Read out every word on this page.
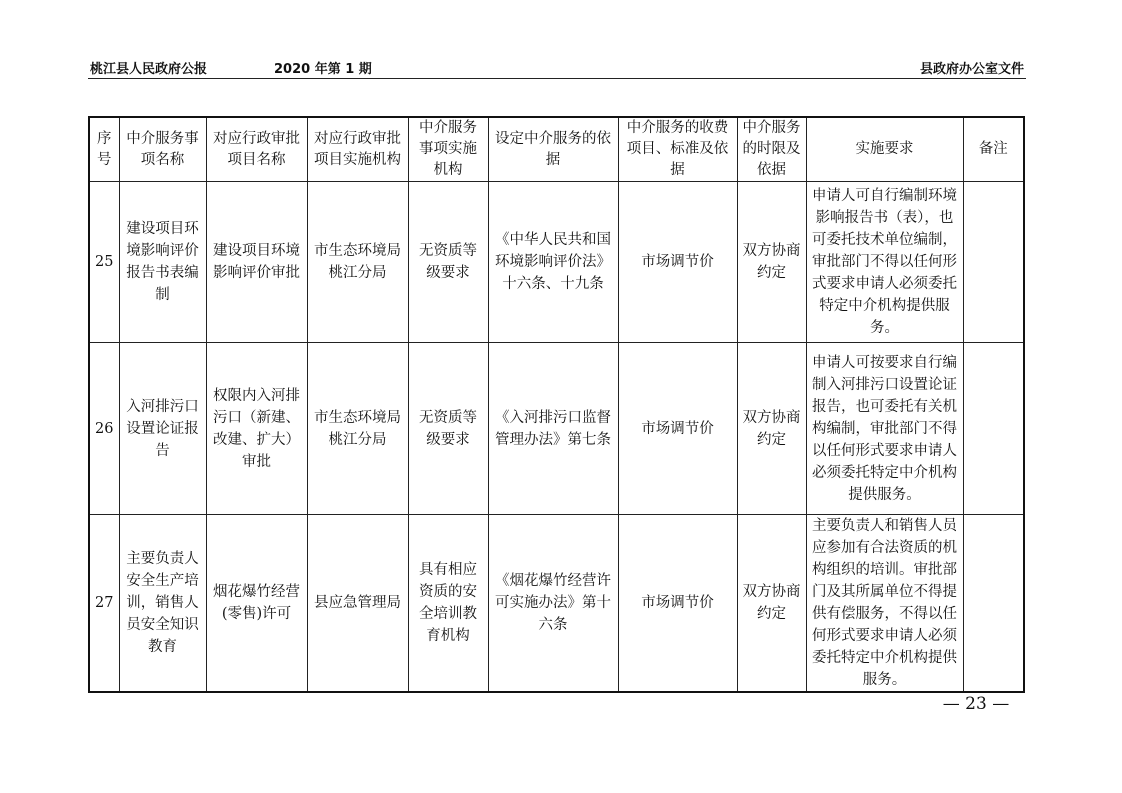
桃江县人民政府公报	2020 年第 1 期	县政府办公室文件
序号	中介服务事项名称	对应行政审批项目名称	对应行政审批项目实施机构	中介服务事项实施机构	设定中介服务的依据	中介服务的收费项目、标准及依据	中介服务的时限及依据	实施要求	备注
25	建设项目环境影响评价报告书表编制	建设项目环境影响评价审批	市生态环境局桃江分局	无资质等级要求	《中华人民共和国环境影响评价法》十六条、十九条	市场调节价	双方协商约定	申请人可自行编制环境影响报告书（表），也可委托技术单位编制，审批部门不得以任何形式要求申请人必须委托特定中介机构提供服务。	
26	入河排污口设置论证报告	权限内入河排污口（新建、改建、扩大）审批	市生态环境局桃江分局	无资质等级要求	《入河排污口监督管理办法》第七条	市场调节价	双方协商约定	申请人可按要求自行编制入河排污口设置论证报告，也可委托有关机构编制，审批部门不得以任何形式要求申请人必须委托特定中介机构提供服务。	
27	主要负责人安全生产培训，销售人员安全知识教育	烟花爆竹经营(零售)许可	县应急管理局	具有相应资质的安全培训教育机构	《烟花爆竹经营许可实施办法》第十六条	市场调节价	双方协商约定	主要负责人和销售人员应参加有合法资质的机构组织的培训。审批部门及其所属单位不得提供有偿服务，不得以任何形式要求申请人必须委托特定中介机构提供服务。	
— 23 —
